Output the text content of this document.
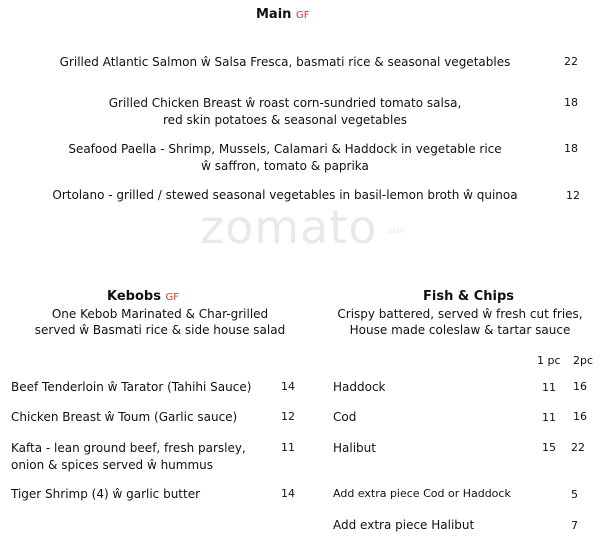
Main GF
Grilled Atlantic Salmon ŵ Salsa Fresca, basmati rice & seasonal vegetables	22
Grilled Chicken Breast ŵ roast corn-sundried tomato salsa,
red skin potatoes & seasonal vegetables
18
Seafood Paella - Shrimp, Mussels, Calamari & Haddock in vegetable rice
ŵ saffron, tomato & paprika
18
Ortolano - grilled / stewed seasonal vegetables in basil-lemon broth ŵ quinoa	12
zomato SENT
Kebobs GF
One Kebob Marinated & Char-grilled
served ŵ Basmati rice & side house salad
Beef Tenderloin ŵ Tarator (Tahihi Sauce)	14
Chicken Breast ŵ Toum (Garlic sauce)	12
Kafta - lean ground beef, fresh parsley,
onion & spices served ŵ hummus
11
Tiger Shrimp (4) ŵ garlic butter	14
Fish & Chips
Crispy battered, served ŵ fresh cut fries,
House made coleslaw & tartar sauce
1 pc 2pc
Haddock	11 16
Cod	11 16
Halibut	15 22
Add extra piece Cod or Haddock	5
Add extra piece Halibut	7
